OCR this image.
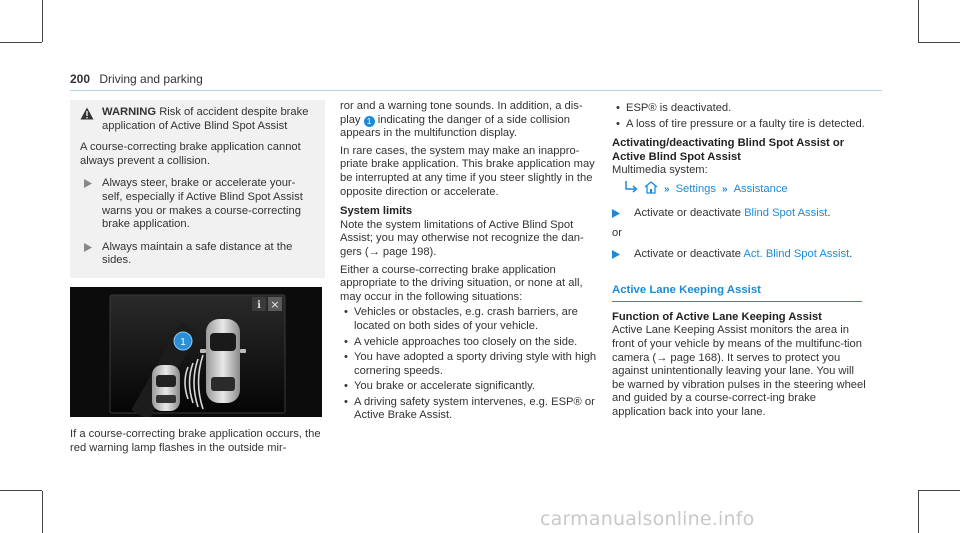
200 Driving and parking
WARNING Risk of accident despite brake application of Active Blind Spot Assist

A course-correcting brake application cannot always prevent a collision.

Always steer, brake or accelerate your-self, especially if Active Blind Spot Assist warns you or makes a course-correcting brake application.
Always maintain a safe distance at the sides.
i ×
1

If a course-correcting brake application occurs, the red warning lamp flashes in the outside mir-

ror and a warning tone sounds. In addition, a dis-play 1 indicating the danger of a side collision appears in the multifunction display.

In rare cases, the system may make an inappro-priate brake application. This brake application may be interrupted at any time if you steer slightly in the opposite direction or accelerate.

System limits

Note the system limitations of Active Blind Spot Assist; you may otherwise not recognize the dan-gers (→ page 198).

Either a course-correcting brake application appropriate to the driving situation, or none at all, may occur in the following situations:

• Vehicles or obstacles, e.g. crash barriers, are located on both sides of your vehicle.
• A vehicle approaches too closely on the side.
• You have adopted a sporty driving style with high cornering speeds.
• You brake or accelerate significantly.
• A driving safety system intervenes, e.g. ESP® or Active Brake Assist.
• ESP® is deactivated.
• A loss of tire pressure or a faulty tire is detected.
Activating/deactivating Blind Spot Assist or Active Blind Spot Assist

Multimedia system:

» Settings » Assistance
Activate or deactivate Blind Spot Assist.

or

Activate or deactivate Act. Blind Spot Assist.
Active Lane Keeping Assist
Function of Active Lane Keeping Assist

Active Lane Keeping Assist monitors the area in front of your vehicle by means of the multifunc-tion camera (→ page 168). It serves to protect you against unintentionally leaving your lane. You will be warned by vibration pulses in the steering wheel and guided by a course-correct-ing brake application back into your lane.

carmanualsonline.info
